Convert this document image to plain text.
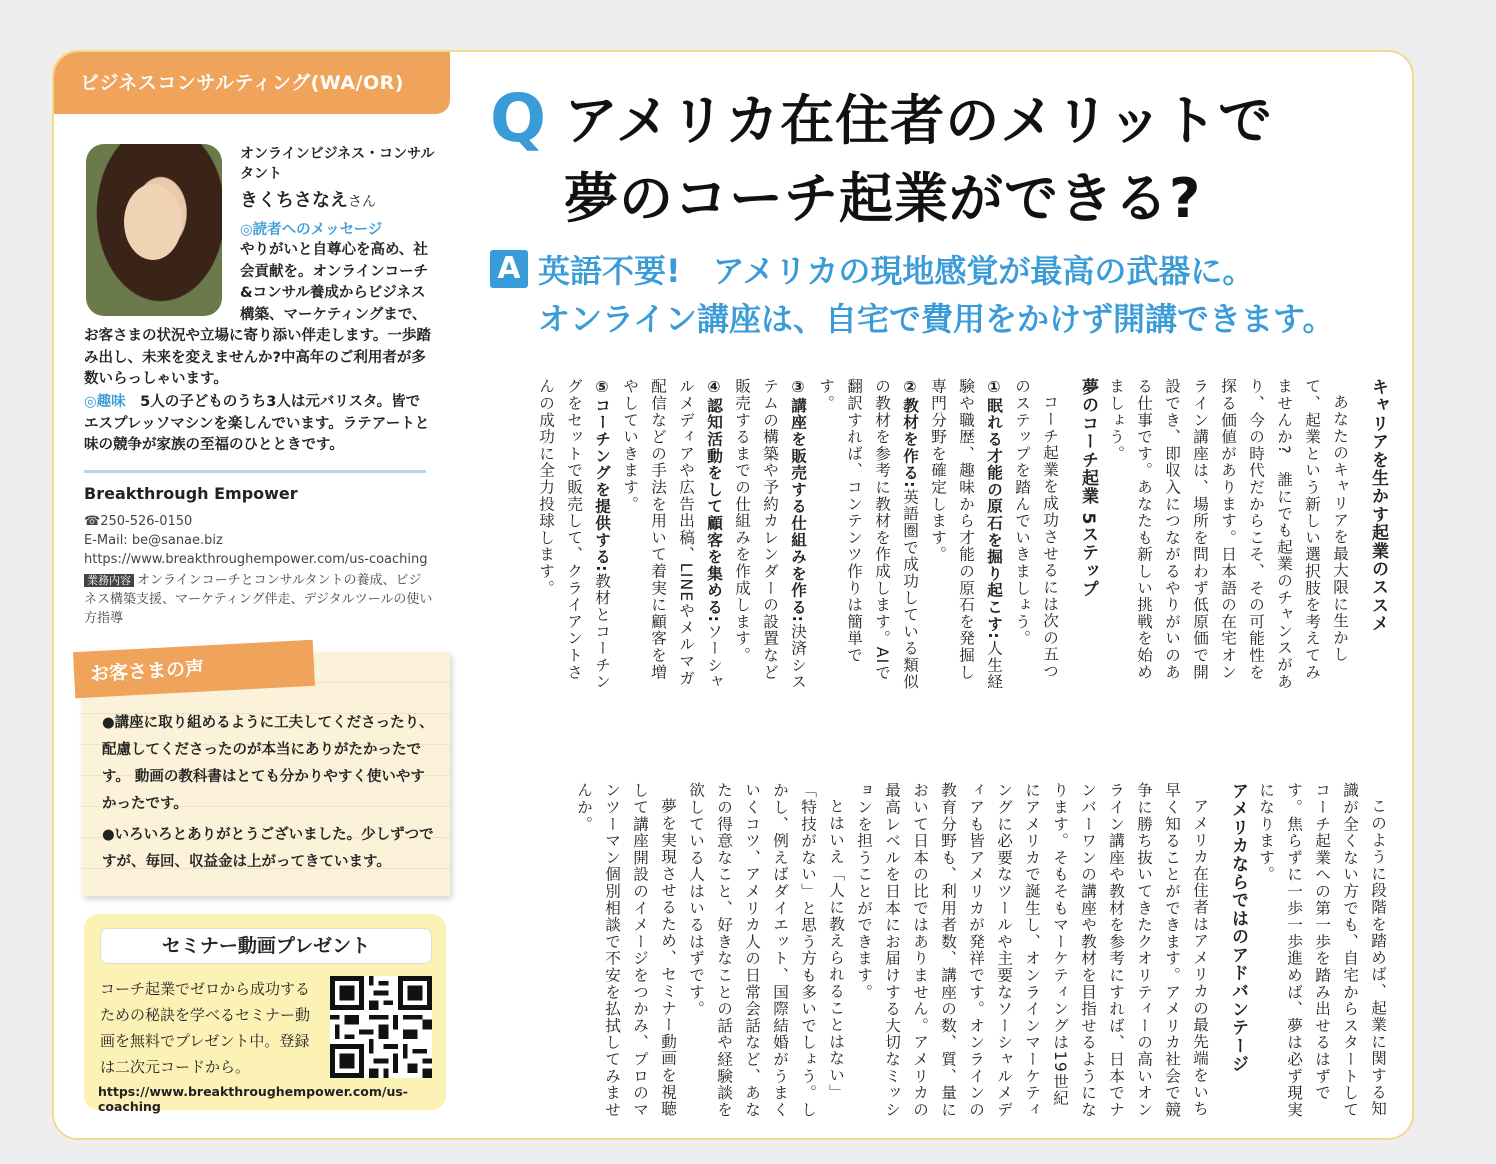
ビジネスコンサルティング(WA/OR)
オンラインビジネス・コンサルタント
きくちさなえさん
◎読者へのメッセージ
やりがいと自尊心を高め、社会貢献を。オンラインコーチ&コンサル養成からビジネス構築、マーケティングまで、お客さまの状況や立場に寄り添い伴走します。一歩踏み出し、未来を変えませんか?中高年のご利用者が多数いらっしゃいます。
◎趣味　 5人の子どものうち3人は元バリスタ。皆でエスプレッソマシンを楽しんでいます。ラテアートと味の競争が家族の至福のひとときです。
Breakthrough Empower
☎250-526-0150
E-Mail: be@sanae.biz
https://www.breakthroughempower.com/us-coaching
業務内容 オンラインコーチとコンサルタントの養成、ビジネス構築支援、マーケティング伴走、デジタルツールの使い方指導
お客さまの声
●講座に取り組めるように工夫してくださったり、配慮してくださったのが本当にありがたかったです。 動画の教科書はとても分かりやすく使いやすかったです。
●いろいろとありがとうございました。少しずつですが、毎回、収益金は上がってきています。
セミナー動画プレゼント
コーチ起業でゼロから成功するための秘訣を学べるセミナー動画を無料でプレゼント中。登録は二次元コードから。
https://www.breakthroughempower.com/us-coaching
Q アメリカ在住者のメリットで
夢のコーチ起業ができる?
A 英語不要!　アメリカの現地感覚が最高の武器に。
オンライン講座は、自宅で費用をかけず開講できます。
キャリアを生かす起業のススメ

あなたのキャリアを最大限に生かして、起業という新しい選択肢を考えてみませんか?　誰にでも起業のチャンスがあり、今の時代だからこそ、その可能性を探る価値があります。日本語の在宅オンライン講座は、場所を問わず低原価で開設でき、即収入につながるやりがいのある仕事です。あなたも新しい挑戦を始めましょう。

夢のコーチ起業 5ステップ

コーチ起業を成功させるには次の五つのステップを踏んでいきましょう。

①眠れる才能の原石を掘り起こす:人生経験や職歴、趣味から才能の原石を発掘し専門分野を確定します。
②教材を作る:英語圏で成功している類似の教材を参考に教材を作成します。AIで翻訳すれば、コンテンツ作りは簡単です。
③講座を販売する仕組みを作る:決済システムの構築や予約カレンダーの設置など販売するまでの仕組みを作成します。
④認知活動をして顧客を集める:ソーシャルメディアや広告出稿、LINEやメルマガ配信などの手法を用いて着実に顧客を増やしていきます。
⑤コーチングを提供する:教材とコーチングをセットで販売して、クライアントさんの成功に全力投球します。

このように段階を踏めば、起業に関する知識が全くない方でも、自宅からスタートしてコーチ起業への第一歩を踏み出せるはずです。焦らずに一歩一歩進めば、夢は必ず現実になります。

アメリカならではのアドバンテージ

アメリカ在住者はアメリカの最先端をいち早く知ることができます。アメリカ社会で競争に勝ち抜いてきたクオリティーの高いオンライン講座や教材を参考にすれば、日本でナンバーワンの講座や教材を目指せるようになります。そもそもマーケティングは19世紀にアメリカで誕生し、オンラインマーケティングに必要なツールや主要なソーシャルメディアも皆アメリカが発祥です。オンラインの教育分野も、利用者数、講座の数、質、量において日本の比ではありません。アメリカの最高レベルを日本にお届けする大切なミッションを担うことができます。

とはいえ「人に教えられることはない」「特技がない」と思う方も多いでしょう。しかし、例えばダイエット、国際結婚がうまくいくコツ、アメリカ人の日常会話など、あなたの得意なこと、好きなことの話や経験談を欲している人はいるはずです。

夢を実現させるため、セミナー動画を視聴して講座開設のイメージをつかみ、プロのマンツーマン個別相談で不安を払拭してみませんか。
